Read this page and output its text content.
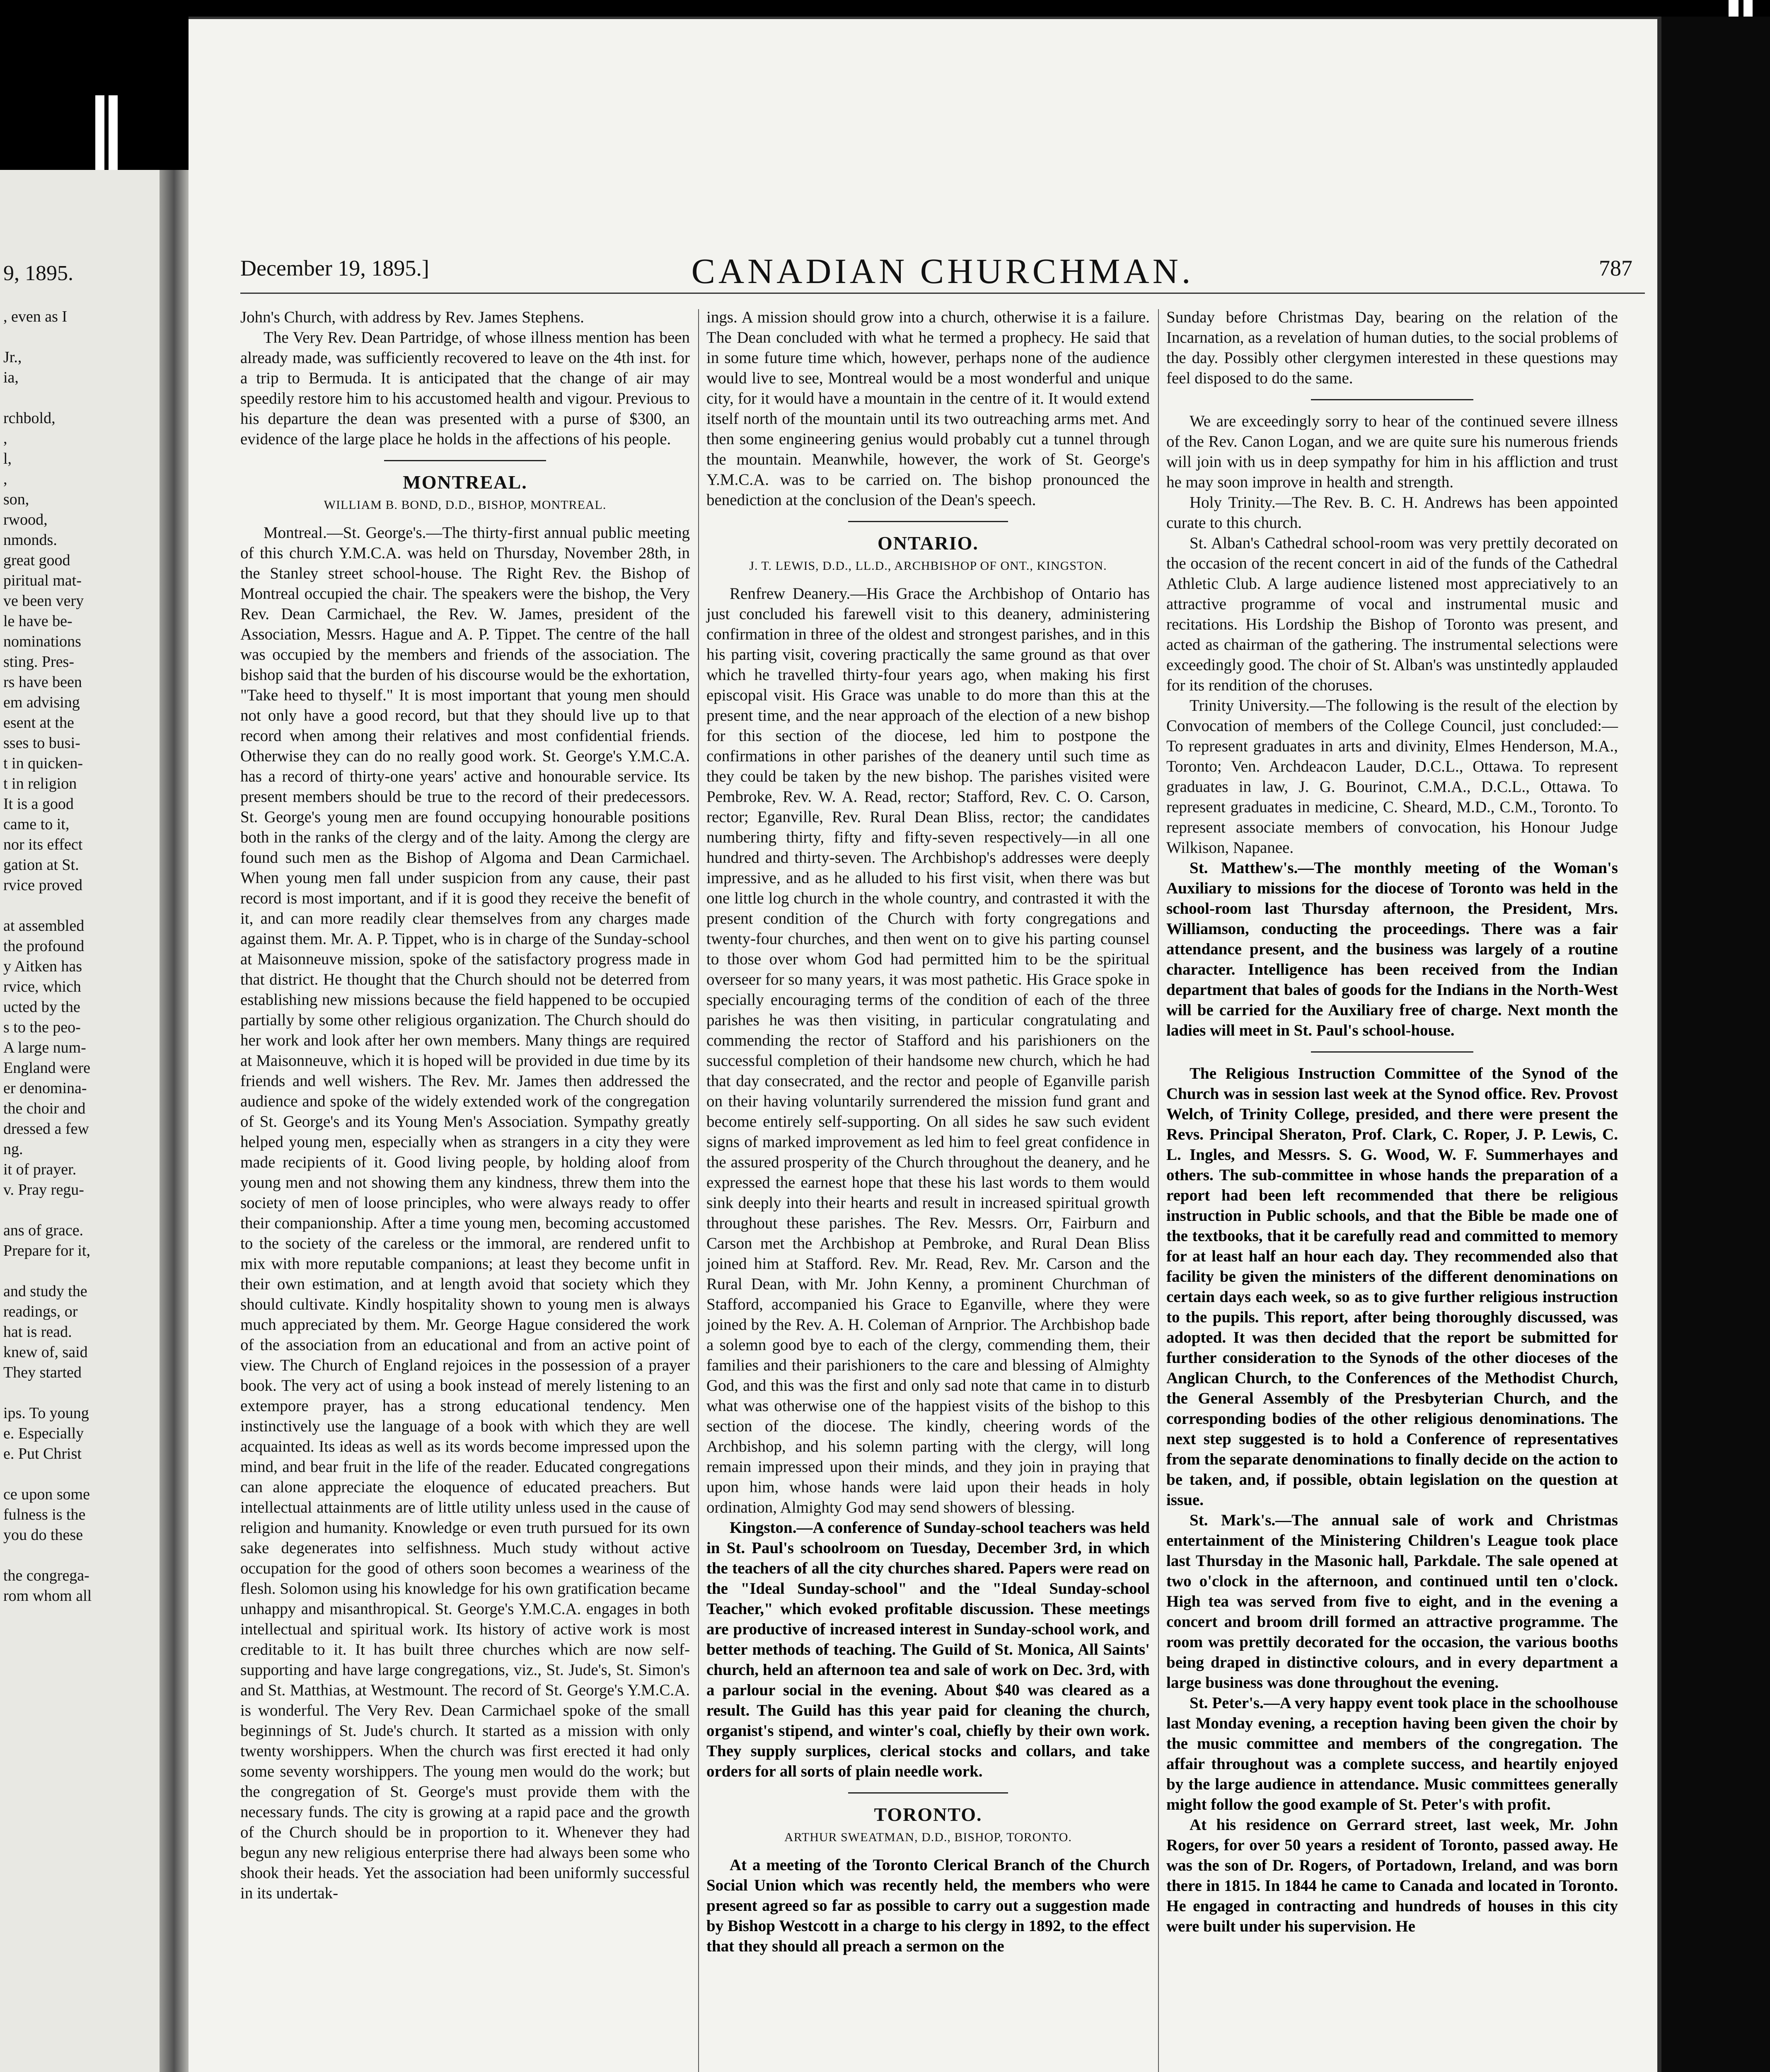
9, 1895.
, even as I

Jr.,
ia,

rchbold,
,
l,
,
son,
rwood,
nmonds.
great good
piritual mat-
ve been very
le have be-
nominations
sting. Pres-
rs have been
em advising
esent at the
sses to busi-
t in quicken-
t in religion
It is a good
came to it,
nor its effect
gation at St.
rvice proved

at assembled
the profound
y Aitken has
rvice, which
ucted by the
s to the peo-
A large num-
England were
er denomina-
the choir and
dressed a few
ng.
it of prayer.
v. Pray regu-

ans of grace.
Prepare for it,

and study the
readings, or
hat is read.
knew of, said
They started

ips. To young
e. Especially
e. Put Christ

ce upon some
fulness is the
you do these

the congrega-
rom whom all
December 19, 1895.]	CANADIAN CHURCHMAN.	787

John's Church, with address by Rev. James Stephens.

The Very Rev. Dean Partridge, of whose illness mention has been already made, was sufficiently recovered to leave on the 4th inst. for a trip to Bermuda. It is anticipated that the change of air may speedily restore him to his accustomed health and vigour. Previous to his departure the dean was presented with a purse of $300, an evidence of the large place he holds in the affections of his people.

MONTREAL.
WILLIAM B. BOND, D.D., BISHOP, MONTREAL.

Montreal.—St. George's.—The thirty-first annual public meeting of this church Y.M.C.A. was held on Thursday, November 28th, in the Stanley street school-house. The Right Rev. the Bishop of Montreal occupied the chair. The speakers were the bishop, the Very Rev. Dean Carmichael, the Rev. W. James, president of the Association, Messrs. Hague and A. P. Tippet. The centre of the hall was occupied by the members and friends of the association. The bishop said that the burden of his discourse would be the exhortation, "Take heed to thyself." It is most important that young men should not only have a good record, but that they should live up to that record when among their relatives and most confidential friends. Otherwise they can do no really good work. St. George's Y.M.C.A. has a record of thirty-one years' active and honourable service. Its present members should be true to the record of their predecessors. St. George's young men are found occupying honourable positions both in the ranks of the clergy and of the laity. Among the clergy are found such men as the Bishop of Algoma and Dean Carmichael. When young men fall under suspicion from any cause, their past record is most important, and if it is good they receive the benefit of it, and can more readily clear themselves from any charges made against them. Mr. A. P. Tippet, who is in charge of the Sunday-school at Maisonneuve mission, spoke of the satisfactory progress made in that district. He thought that the Church should not be deterred from establishing new missions because the field happened to be occupied partially by some other religious organization. The Church should do her work and look after her own members. Many things are required at Maisonneuve, which it is hoped will be provided in due time by its friends and well wishers. The Rev. Mr. James then addressed the audience and spoke of the widely extended work of the congregation of St. George's and its Young Men's Association. Sympathy greatly helped young men, especially when as strangers in a city they were made recipients of it. Good living people, by holding aloof from young men and not showing them any kindness, threw them into the society of men of loose principles, who were always ready to offer their companionship. After a time young men, becoming accustomed to the society of the careless or the immoral, are rendered unfit to mix with more reputable companions; at least they become unfit in their own estimation, and at length avoid that society which they should cultivate. Kindly hospitality shown to young men is always much appreciated by them. Mr. George Hague considered the work of the association from an educational and from an active point of view. The Church of England rejoices in the possession of a prayer book. The very act of using a book instead of merely listening to an extempore prayer, has a strong educational tendency. Men instinctively use the language of a book with which they are well acquainted. Its ideas as well as its words become impressed upon the mind, and bear fruit in the life of the reader. Educated congregations can alone appreciate the eloquence of educated preachers. But intellectual attainments are of little utility unless used in the cause of religion and humanity. Knowledge or even truth pursued for its own sake degenerates into selfishness. Much study without active occupation for the good of others soon becomes a weariness of the flesh. Solomon using his knowledge for his own gratification became unhappy and misanthropical. St. George's Y.M.C.A. engages in both intellectual and spiritual work. Its history of active work is most creditable to it. It has built three churches which are now self-supporting and have large congregations, viz., St. Jude's, St. Simon's and St. Matthias, at Westmount. The record of St. George's Y.M.C.A. is wonderful. The Very Rev. Dean Carmichael spoke of the small beginnings of St. Jude's church. It started as a mission with only twenty worshippers. When the church was first erected it had only some seventy worshippers. The young men would do the work; but the congregation of St. George's must provide them with the necessary funds. The city is growing at a rapid pace and the growth of the Church should be in proportion to it. Whenever they had begun any new religious enterprise there had always been some who shook their heads. Yet the association had been uniformly successful in its undertak-

ings. A mission should grow into a church, otherwise it is a failure. The Dean concluded with what he termed a prophecy. He said that in some future time which, however, perhaps none of the audience would live to see, Montreal would be a most wonderful and unique city, for it would have a mountain in the centre of it. It would extend itself north of the mountain until its two outreaching arms met. And then some engineering genius would probably cut a tunnel through the mountain. Meanwhile, however, the work of St. George's Y.M.C.A. was to be carried on. The bishop pronounced the benediction at the conclusion of the Dean's speech.

ONTARIO.
J. T. LEWIS, D.D., LL.D., ARCHBISHOP OF ONT., KINGSTON.

Renfrew Deanery.—His Grace the Archbishop of Ontario has just concluded his farewell visit to this deanery, administering confirmation in three of the oldest and strongest parishes, and in this his parting visit, covering practically the same ground as that over which he travelled thirty-four years ago, when making his first episcopal visit. His Grace was unable to do more than this at the present time, and the near approach of the election of a new bishop for this section of the diocese, led him to postpone the confirmations in other parishes of the deanery until such time as they could be taken by the new bishop. The parishes visited were Pembroke, Rev. W. A. Read, rector; Stafford, Rev. C. O. Carson, rector; Eganville, Rev. Rural Dean Bliss, rector; the candidates numbering thirty, fifty and fifty-seven respectively—in all one hundred and thirty-seven. The Archbishop's addresses were deeply impressive, and as he alluded to his first visit, when there was but one little log church in the whole country, and contrasted it with the present condition of the Church with forty congregations and twenty-four churches, and then went on to give his parting counsel to those over whom God had permitted him to be the spiritual overseer for so many years, it was most pathetic. His Grace spoke in specially encouraging terms of the condition of each of the three parishes he was then visiting, in particular congratulating and commending the rector of Stafford and his parishioners on the successful completion of their handsome new church, which he had that day consecrated, and the rector and people of Eganville parish on their having voluntarily surrendered the mission fund grant and become entirely self-supporting. On all sides he saw such evident signs of marked improvement as led him to feel great confidence in the assured prosperity of the Church throughout the deanery, and he expressed the earnest hope that these his last words to them would sink deeply into their hearts and result in increased spiritual growth throughout these parishes. The Rev. Messrs. Orr, Fairburn and Carson met the Archbishop at Pembroke, and Rural Dean Bliss joined him at Stafford. Rev. Mr. Read, Rev. Mr. Carson and the Rural Dean, with Mr. John Kenny, a prominent Churchman of Stafford, accompanied his Grace to Eganville, where they were joined by the Rev. A. H. Coleman of Arnprior. The Archbishop bade a solemn good bye to each of the clergy, commending them, their families and their parishioners to the care and blessing of Almighty God, and this was the first and only sad note that came in to disturb what was otherwise one of the happiest visits of the bishop to this section of the diocese. The kindly, cheering words of the Archbishop, and his solemn parting with the clergy, will long remain impressed upon their minds, and they join in praying that upon him, whose hands were laid upon their heads in holy ordination, Almighty God may send showers of blessing.

Kingston.—A conference of Sunday-school teachers was held in St. Paul's schoolroom on Tuesday, December 3rd, in which the teachers of all the city churches shared. Papers were read on the "Ideal Sunday-school" and the "Ideal Sunday-school Teacher," which evoked profitable discussion. These meetings are productive of increased interest in Sunday-school work, and better methods of teaching. The Guild of St. Monica, All Saints' church, held an afternoon tea and sale of work on Dec. 3rd, with a parlour social in the evening. About $40 was cleared as a result. The Guild has this year paid for cleaning the church, organist's stipend, and winter's coal, chiefly by their own work. They supply surplices, clerical stocks and collars, and take orders for all sorts of plain needle work.

TORONTO.
ARTHUR SWEATMAN, D.D., BISHOP, TORONTO.

At a meeting of the Toronto Clerical Branch of the Church Social Union which was recently held, the members who were present agreed so far as possible to carry out a suggestion made by Bishop Westcott in a charge to his clergy in 1892, to the effect that they should all preach a sermon on the

Sunday before Christmas Day, bearing on the relation of the Incarnation, as a revelation of human duties, to the social problems of the day. Possibly other clergymen interested in these questions may feel disposed to do the same.

We are exceedingly sorry to hear of the continued severe illness of the Rev. Canon Logan, and we are quite sure his numerous friends will join with us in deep sympathy for him in his affliction and trust he may soon improve in health and strength.

Holy Trinity.—The Rev. B. C. H. Andrews has been appointed curate to this church.

St. Alban's Cathedral school-room was very prettily decorated on the occasion of the recent concert in aid of the funds of the Cathedral Athletic Club. A large audience listened most appreciatively to an attractive programme of vocal and instrumental music and recitations. His Lordship the Bishop of Toronto was present, and acted as chairman of the gathering. The instrumental selections were exceedingly good. The choir of St. Alban's was unstintedly applauded for its rendition of the choruses.

Trinity University.—The following is the result of the election by Convocation of members of the College Council, just concluded:—To represent graduates in arts and divinity, Elmes Henderson, M.A., Toronto; Ven. Archdeacon Lauder, D.C.L., Ottawa. To represent graduates in law, J. G. Bourinot, C.M.A., D.C.L., Ottawa. To represent graduates in medicine, C. Sheard, M.D., C.M., Toronto. To represent associate members of convocation, his Honour Judge Wilkison, Napanee.

St. Matthew's.—The monthly meeting of the Woman's Auxiliary to missions for the diocese of Toronto was held in the school-room last Thursday afternoon, the President, Mrs. Williamson, conducting the proceedings. There was a fair attendance present, and the business was largely of a routine character. Intelligence has been received from the Indian department that bales of goods for the Indians in the North-West will be carried for the Auxiliary free of charge. Next month the ladies will meet in St. Paul's school-house.

The Religious Instruction Committee of the Synod of the Church was in session last week at the Synod office. Rev. Provost Welch, of Trinity College, presided, and there were present the Revs. Principal Sheraton, Prof. Clark, C. Roper, J. P. Lewis, C. L. Ingles, and Messrs. S. G. Wood, W. F. Summerhayes and others. The sub-committee in whose hands the preparation of a report had been left recommended that there be religious instruction in Public schools, and that the Bible be made one of the textbooks, that it be carefully read and committed to memory for at least half an hour each day. They recommended also that facility be given the ministers of the different denominations on certain days each week, so as to give further religious instruction to the pupils. This report, after being thoroughly discussed, was adopted. It was then decided that the report be submitted for further consideration to the Synods of the other dioceses of the Anglican Church, to the Conferences of the Methodist Church, the General Assembly of the Presbyterian Church, and the corresponding bodies of the other religious denominations. The next step suggested is to hold a Conference of representatives from the separate denominations to finally decide on the action to be taken, and, if possible, obtain legislation on the question at issue.

St. Mark's.—The annual sale of work and Christmas entertainment of the Ministering Children's League took place last Thursday in the Masonic hall, Parkdale. The sale opened at two o'clock in the afternoon, and continued until ten o'clock. High tea was served from five to eight, and in the evening a concert and broom drill formed an attractive programme. The room was prettily decorated for the occasion, the various booths being draped in distinctive colours, and in every department a large business was done throughout the evening.

St. Peter's.—A very happy event took place in the schoolhouse last Monday evening, a reception having been given the choir by the music committee and members of the congregation. The affair throughout was a complete success, and heartily enjoyed by the large audience in attendance. Music committees generally might follow the good example of St. Peter's with profit.

At his residence on Gerrard street, last week, Mr. John Rogers, for over 50 years a resident of Toronto, passed away. He was the son of Dr. Rogers, of Portadown, Ireland, and was born there in 1815. In 1844 he came to Canada and located in Toronto. He engaged in contracting and hundreds of houses in this city were built under his supervision. He
